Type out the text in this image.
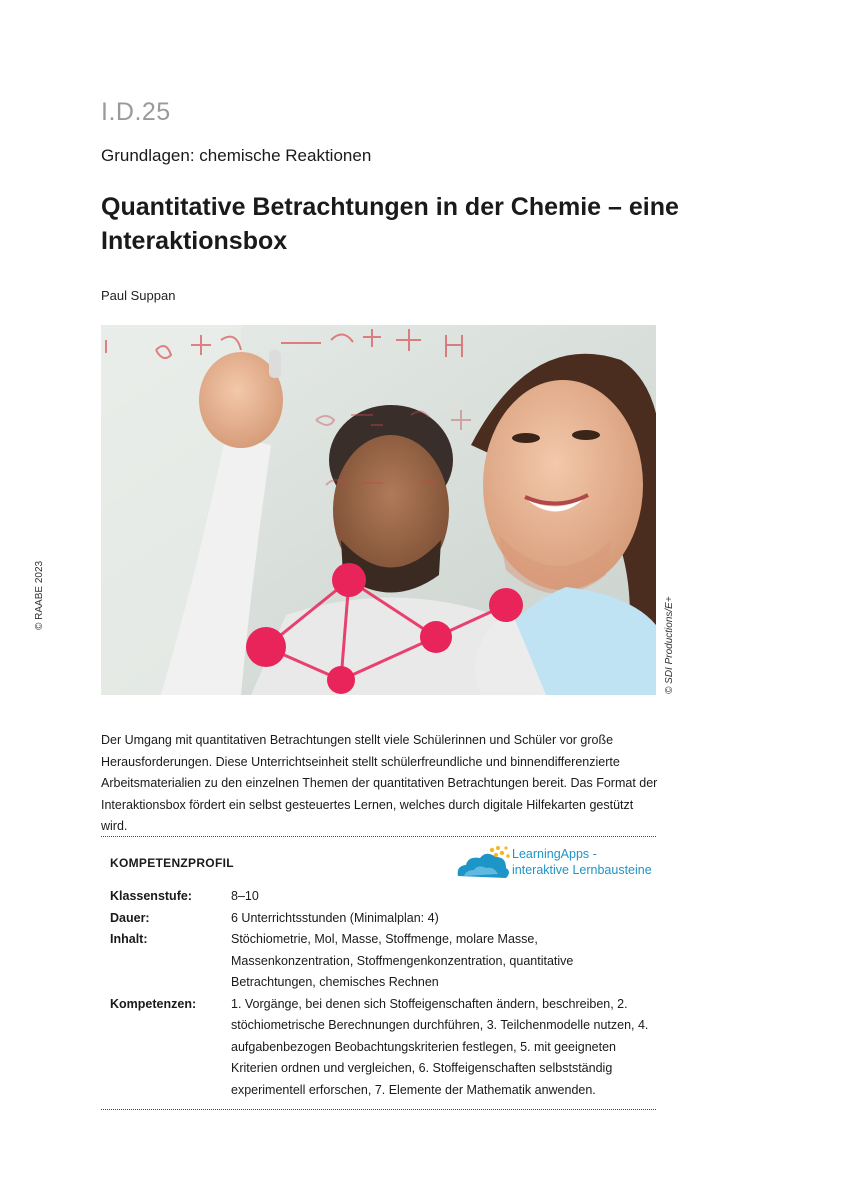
I.D.25
Grundlagen: chemische Reaktionen
Quantitative Betrachtungen in der Chemie – eine Interaktionsbox
Paul Suppan
© RAABE 2023
© SDI Productions/E+
Der Umgang mit quantitativen Betrachtungen stellt viele Schülerinnen und Schüler vor große Herausforderungen. Diese Unterrichtseinheit stellt schülerfreundliche und binnendifferenzierte Arbeitsmaterialien zu den einzelnen Themen der quantitativen Betrachtungen bereit. Das Format der Interaktionsbox fördert ein selbst gesteuertes Lernen, welches durch digitale Hilfekarten gestützt wird.
KOMPETENZPROFIL
LearningApps -
interaktive Lernbausteine
Klassenstufe:	8–10
Dauer:	6 Unterrichtsstunden (Minimalplan: 4)
Inhalt:	Stöchiometrie, Mol, Masse, Stoffmenge, molare Masse, Massenkonzentration, Stoffmengenkonzentration, quantitative Betrachtungen, chemisches Rechnen
Kompetenzen:	1. Vorgänge, bei denen sich Stoffeigenschaften ändern, beschreiben, 2. stöchiometrische Berechnungen durchführen, 3. Teilchenmodelle nutzen, 4. aufgabenbezogen Beobachtungskriterien festlegen, 5. mit geeigneten Kriterien ordnen und vergleichen, 6. Stoffeigenschaften selbstständig experimentell erforschen, 7. Elemente der Mathematik anwenden.
